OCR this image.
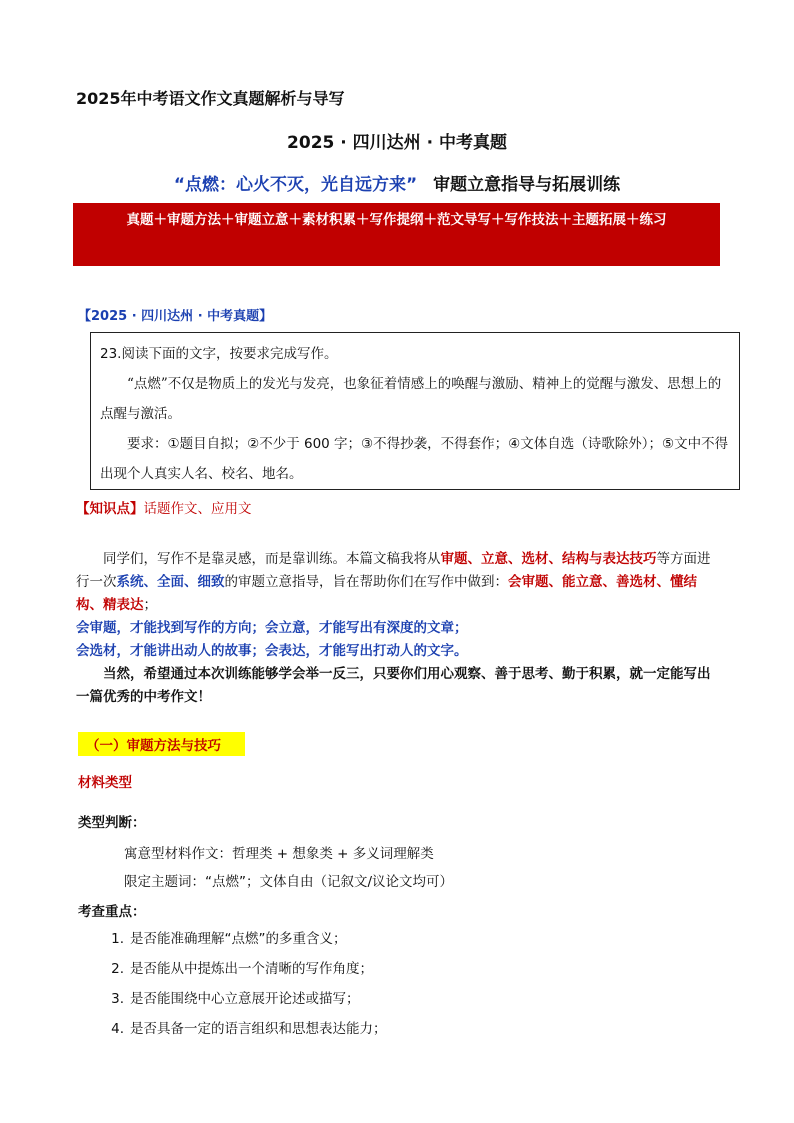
2025年中考语文作文真题解析与导写
2025 · 四川达州 · 中考真题
“点燃：心火不灭，光自远方来” 审题立意指导与拓展训练
真题＋审题方法＋审题立意＋素材积累＋写作提纲＋范文导写＋写作技法＋主题拓展＋练习
【2025 · 四川达州 · 中考真题】

23.阅读下面的文字，按要求完成写作。

“点燃”不仅是物质上的发光与发亮，也象征着情感上的唤醒与激励、精神上的觉醒与激发、思想上的点醒与激活。

要求：①题目自拟；②不少于 600 字；③不得抄袭，不得套作；④文体自选（诗歌除外）；⑤文中不得出现个人真实人名、校名、地名。

【知识点】话题作文、应用文

同学们，写作不是靠灵感，而是靠训练。本篇文稿我将从审题、立意、选材、结构与表达技巧等方面进行一次系统、全面、细致的审题立意指导，旨在帮助你们在写作中做到：会审题、能立意、善选材、懂结构、精表达；

会审题，才能找到写作的方向；会立意，才能写出有深度的文章；

会选材，才能讲出动人的故事；会表达，才能写出打动人的文字。

当然，希望通过本次训练能够学会举一反三，只要你们用心观察、善于思考、勤于积累，就一定能写出一篇优秀的中考作文！

（一）审题方法与技巧
材料类型
类型判断：
寓意型材料作文：哲理类 + 想象类 + 多义词理解类
限定主题词：“点燃”；文体自由（记叙文/议论文均可）
考查重点：
1. 是否能准确理解“点燃”的多重含义；
2. 是否能从中提炼出一个清晰的写作角度；
3. 是否能围绕中心立意展开论述或描写；
4. 是否具备一定的语言组织和思想表达能力；
